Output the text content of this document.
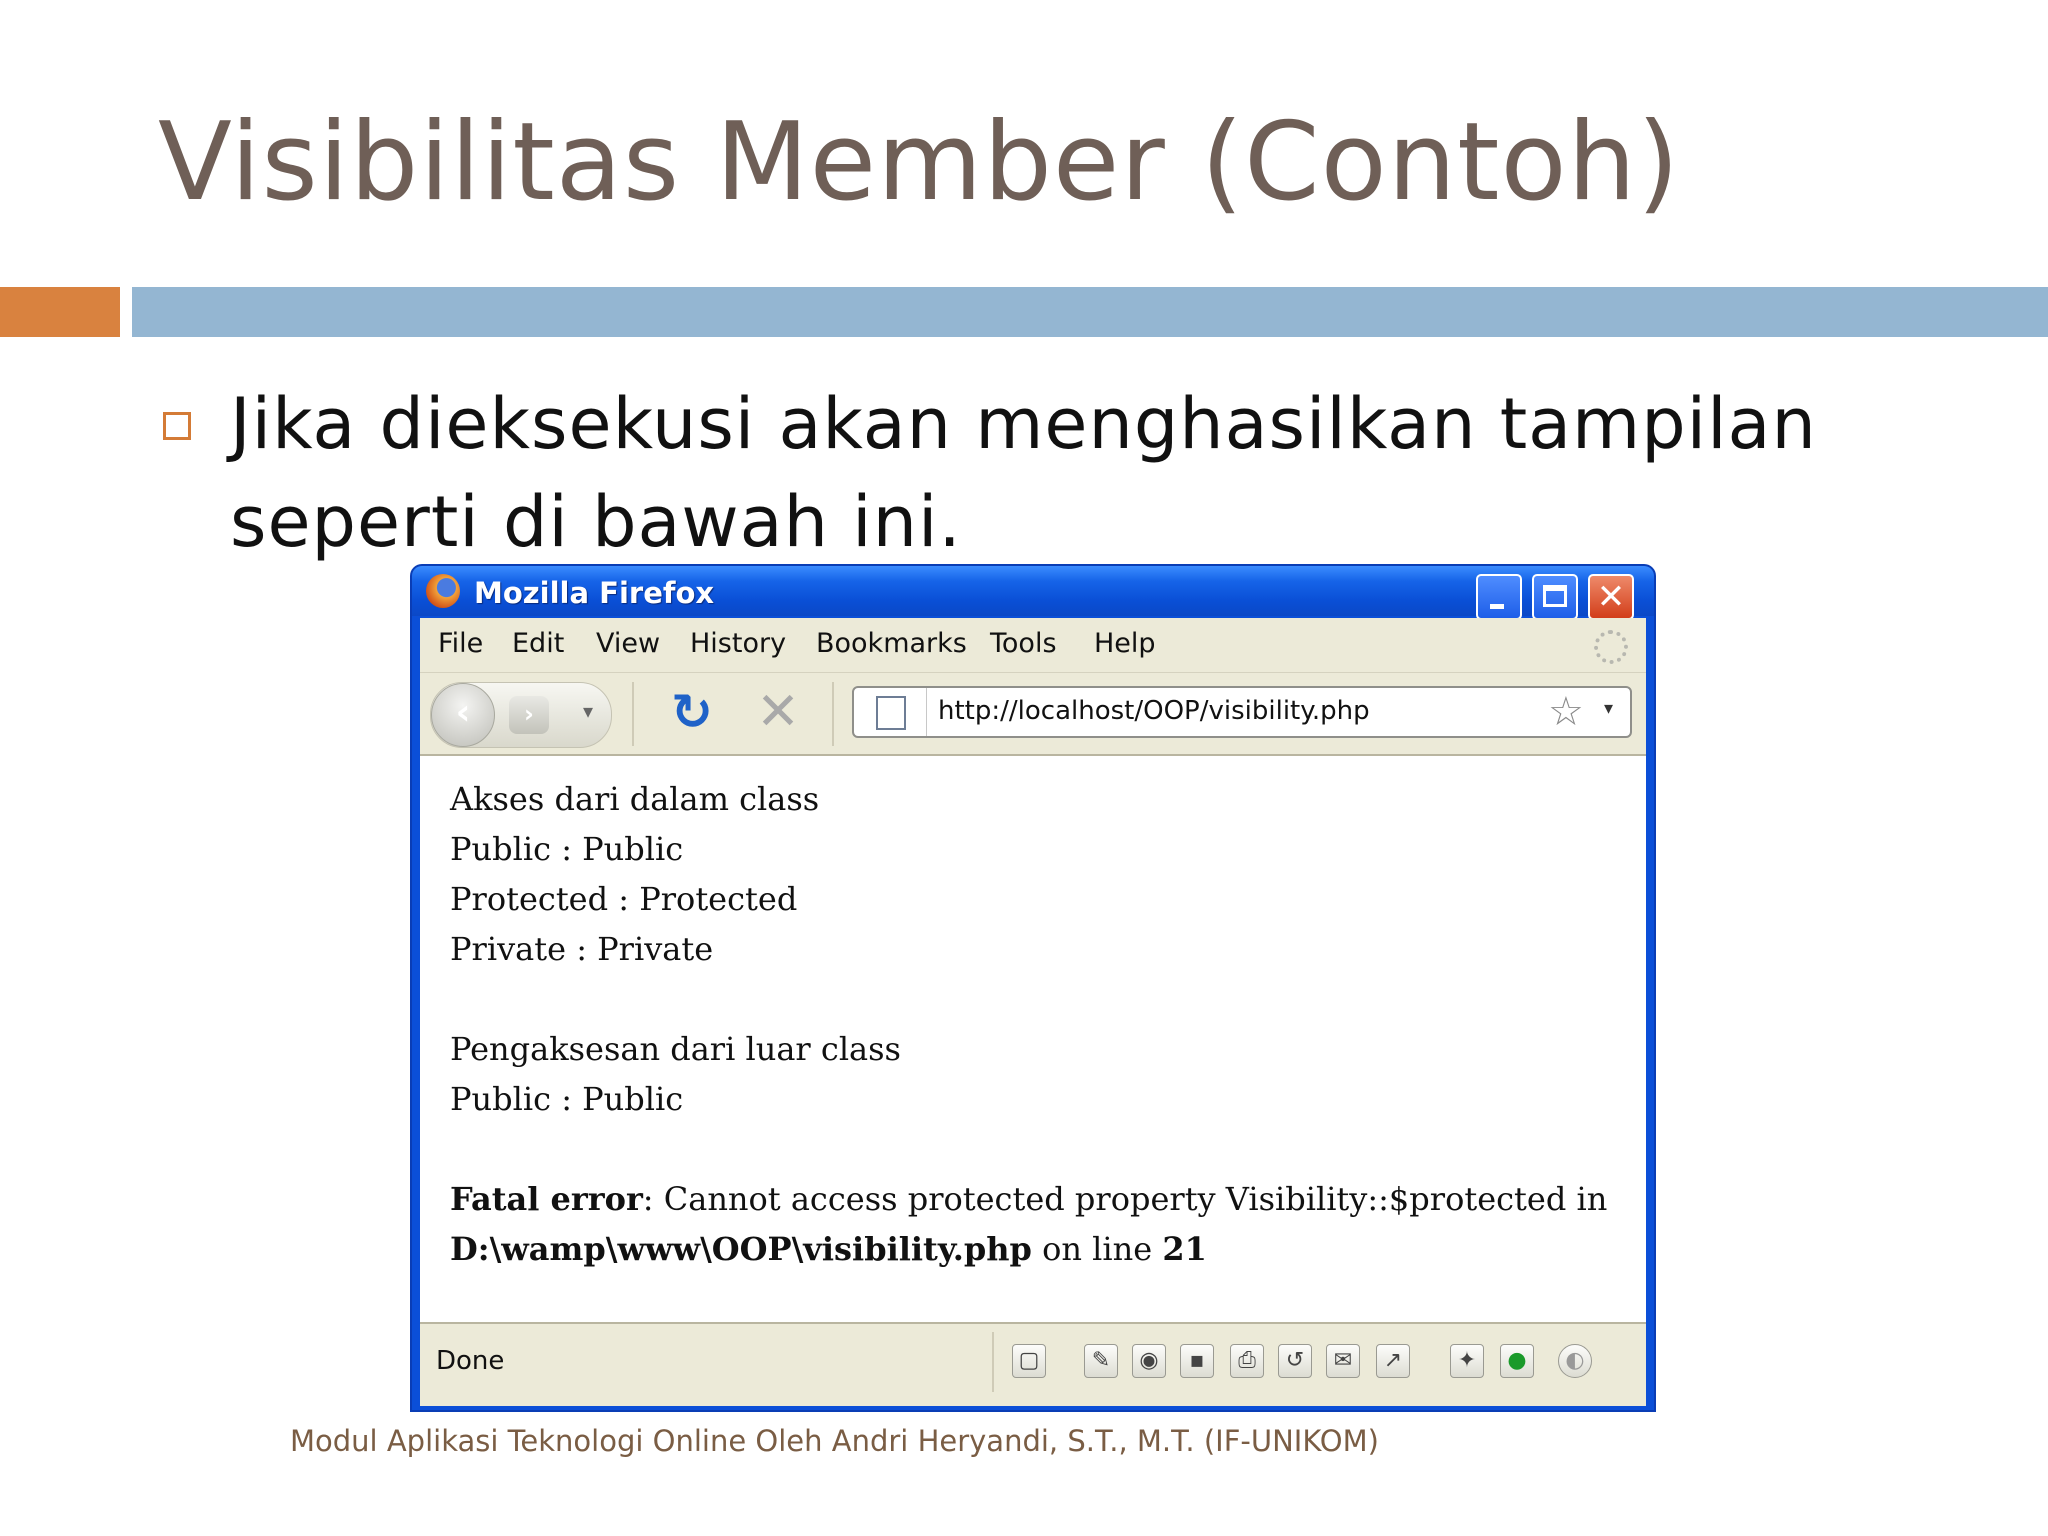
Visibilitas Member (Contoh)

Jika dieksekusi akan menghasilkan tampilan seperti di bawah ini.

Mozilla Firefox	✕
File Edit View History Bookmarks Tools Help
‹	›	▾ ↻ ✕	http://localhost/OOP/visibility.php	☆ ▾
Akses dari dalam class
Public : Public
Protected : Protected
Private : Private
Pengaksesan dari luar class
Public : Public
Fatal error: Cannot access protected property Visibility::$protected in
D:\wamp\www\OOP\visibility.php on line 21
Done	▢	✎	◉	▪	⎙	↺	✉	↗	✦	●	◐
Modul Aplikasi Teknologi Online Oleh Andri Heryandi, S.T., M.T. (IF-UNIKOM)
